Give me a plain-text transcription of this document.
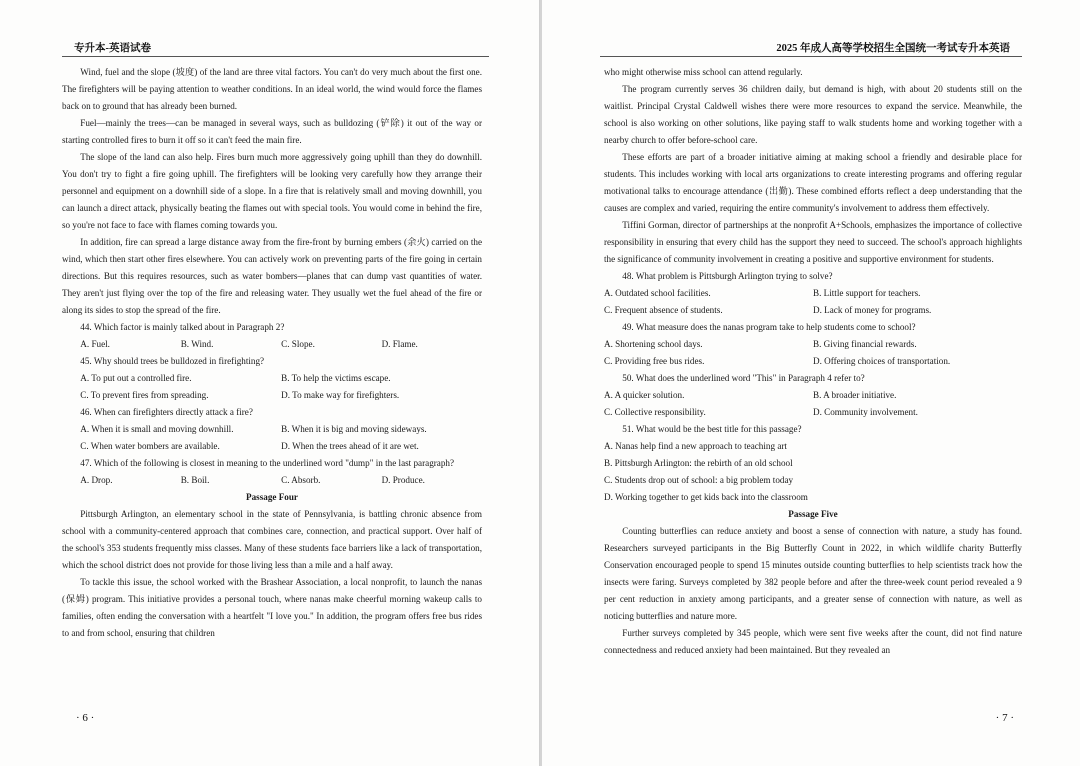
专升本-英语试卷

Wind, fuel and the slope (坡度) of the land are three vital factors. You can't do very much about the first one. The firefighters will be paying attention to weather conditions. In an ideal world, the wind would force the flames back on to ground that has already been burned.

Fuel—mainly the trees—can be managed in several ways, such as bulldozing (铲除) it out of the way or starting controlled fires to burn it off so it can't feed the main fire.

The slope of the land can also help. Fires burn much more aggressively going uphill than they do downhill. You don't try to fight a fire going uphill. The firefighters will be looking very carefully how they arrange their personnel and equipment on a downhill side of a slope. In a fire that is relatively small and moving downhill, you can launch a direct attack, physically beating the flames out with special tools. You would come in behind the fire, so you're not face to face with flames coming towards you.

In addition, fire can spread a large distance away from the fire-front by burning embers (余火) carried on the wind, which then start other fires elsewhere. You can actively work on preventing parts of the fire going in certain directions. But this requires resources, such as water bombers—planes that can dump vast quantities of water. They aren't just flying over the top of the fire and releasing water. They usually wet the fuel ahead of the fire or along its sides to stop the spread of the fire.

44. Which factor is mainly talked about in Paragraph 2?
A. Fuel.	B. Wind.	C. Slope.	D. Flame.
45. Why should trees be bulldozed in firefighting?
A. To put out a controlled fire.	B. To help the victims escape.
C. To prevent fires from spreading.	D. To make way for firefighters.
46. When can firefighters directly attack a fire?
A. When it is small and moving downhill.	B. When it is big and moving sideways.
C. When water bombers are available.	D. When the trees ahead of it are wet.
47. Which of the following is closest in meaning to the underlined word "dump" in the last paragraph?
A. Drop.	B. Boil.	C. Absorb.	D. Produce.
Passage Four

Pittsburgh Arlington, an elementary school in the state of Pennsylvania, is battling chronic absence from school with a community-centered approach that combines care, connection, and practical support. Over half of the school's 353 students frequently miss classes. Many of these students face barriers like a lack of transportation, which the school district does not provide for those living less than a mile and a half away.

To tackle this issue, the school worked with the Brashear Association, a local nonprofit, to launch the nanas (保姆) program. This initiative provides a personal touch, where nanas make cheerful morning wakeup calls to families, often ending the conversation with a heartfelt "I love you." In addition, the program offers free bus rides to and from school, ensuring that children

· 6 ·
2025 年成人高等学校招生全国统一考试专升本英语
who might otherwise miss school can attend regularly.

The program currently serves 36 children daily, but demand is high, with about 20 students still on the waitlist. Principal Crystal Caldwell wishes there were more resources to expand the service. Meanwhile, the school is also working on other solutions, like paying staff to walk students home and working together with a nearby church to offer before-school care.

These efforts are part of a broader initiative aiming at making school a friendly and desirable place for students. This includes working with local arts organizations to create interesting programs and offering regular motivational talks to encourage attendance (出勤). These combined efforts reflect a deep understanding that the causes are complex and varied, requiring the entire community's involvement to address them effectively.

Tiffini Gorman, director of partnerships at the nonprofit A+Schools, emphasizes the importance of collective responsibility in ensuring that every child has the support they need to succeed. The school's approach highlights the significance of community involvement in creating a positive and supportive environment for students.

48. What problem is Pittsburgh Arlington trying to solve?
A. Outdated school facilities.	B. Little support for teachers.
C. Frequent absence of students.	D. Lack of money for programs.
49. What measure does the nanas program take to help students come to school?
A. Shortening school days.	B. Giving financial rewards.
C. Providing free bus rides.	D. Offering choices of transportation.
50. What does the underlined word "This" in Paragraph 4 refer to?
A. A quicker solution.	B. A broader initiative.
C. Collective responsibility.	D. Community involvement.
51. What would be the best title for this passage?
A. Nanas help find a new approach to teaching art
B. Pittsburgh Arlington: the rebirth of an old school
C. Students drop out of school: a big problem today
D. Working together to get kids back into the classroom
Passage Five

Counting butterflies can reduce anxiety and boost a sense of connection with nature, a study has found. Researchers surveyed participants in the Big Butterfly Count in 2022, in which wildlife charity Butterfly Conservation encouraged people to spend 15 minutes outside counting butterflies to help scientists track how the insects were faring. Surveys completed by 382 people before and after the three-week count period revealed a 9 per cent reduction in anxiety among participants, and a greater sense of connection with nature, as well as noticing butterflies and nature more.

Further surveys completed by 345 people, which were sent five weeks after the count, did not find nature connectedness and reduced anxiety had been maintained. But they revealed an

· 7 ·
